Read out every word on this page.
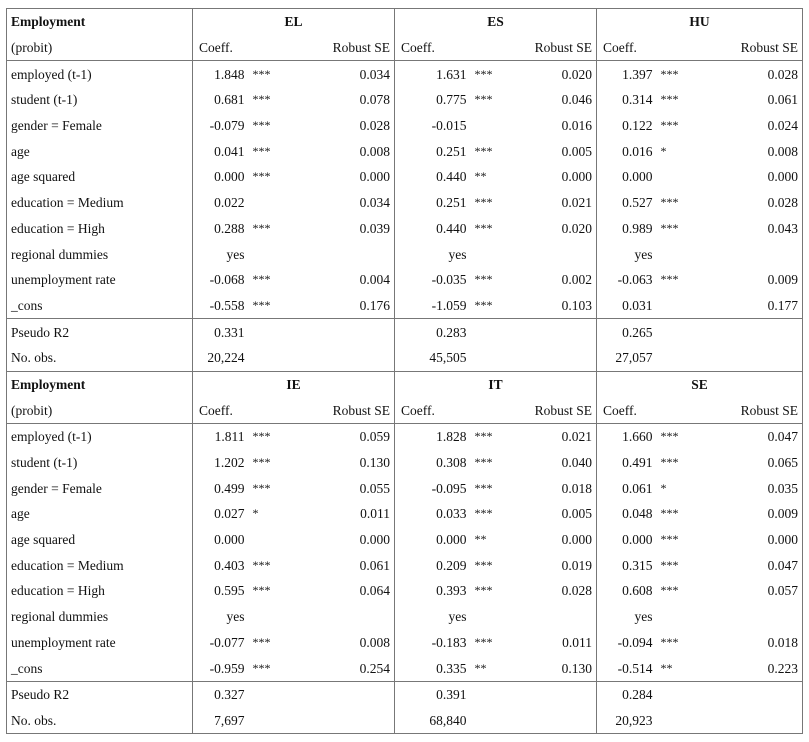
Employment	EL			ES			HU		
(probit)	Coeff.		Robust SE	Coeff.		Robust SE	Coeff.		Robust SE
employed (t-1)	1.848	***	0.034	1.631	***	0.020	1.397	***	0.028
student (t-1)	0.681	***	0.078	0.775	***	0.046	0.314	***	0.061
gender = Female	-0.079	***	0.028	-0.015		0.016	0.122	***	0.024
age	0.041	***	0.008	0.251	***	0.005	0.016	*	0.008
age squared	0.000	***	0.000	0.440	**	0.000	0.000		0.000
education = Medium	0.022		0.034	0.251	***	0.021	0.527	***	0.028
education = High	0.288	***	0.039	0.440	***	0.020	0.989	***	0.043
regional dummies	yes			yes			yes		
unemployment rate	-0.068	***	0.004	-0.035	***	0.002	-0.063	***	0.009
_cons	-0.558	***	0.176	-1.059	***	0.103	0.031		0.177
Pseudo R2	0.331			0.283			0.265		
No. obs.	20,224			45,505			27,057		
Employment	IE			IT			SE		
(probit)	Coeff.		Robust SE	Coeff.		Robust SE	Coeff.		Robust SE
employed (t-1)	1.811	***	0.059	1.828	***	0.021	1.660	***	0.047
student (t-1)	1.202	***	0.130	0.308	***	0.040	0.491	***	0.065
gender = Female	0.499	***	0.055	-0.095	***	0.018	0.061	*	0.035
age	0.027	*	0.011	0.033	***	0.005	0.048	***	0.009
age squared	0.000		0.000	0.000	**	0.000	0.000	***	0.000
education = Medium	0.403	***	0.061	0.209	***	0.019	0.315	***	0.047
education = High	0.595	***	0.064	0.393	***	0.028	0.608	***	0.057
regional dummies	yes			yes			yes		
unemployment rate	-0.077	***	0.008	-0.183	***	0.011	-0.094	***	0.018
_cons	-0.959	***	0.254	0.335	**	0.130	-0.514	**	0.223
Pseudo R2	0.327			0.391			0.284		
No. obs.	7,697			68,840			20,923		
